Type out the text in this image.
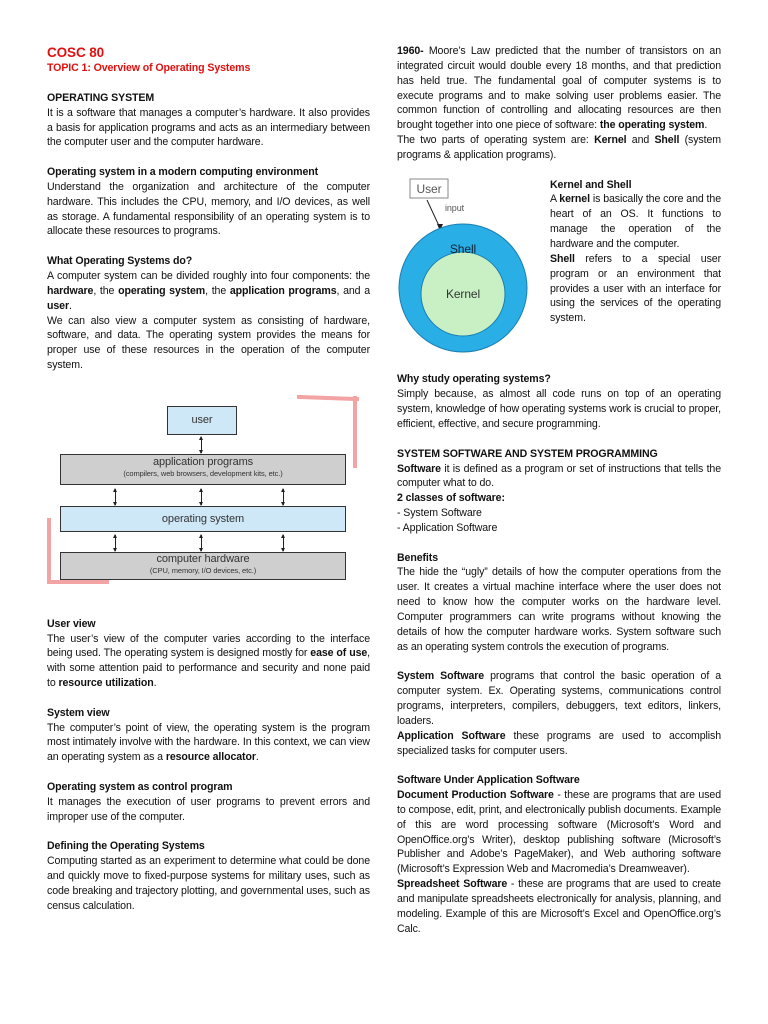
COSC 80
TOPIC 1: Overview of Operating Systems
OPERATING SYSTEM

It is a software that manages a computer’s hardware. It also provides a basis for application programs and acts as an intermediary between the computer user and the computer hardware.

Operating system in a modern computing environment

Understand the organization and architecture of the computer hardware. This includes the CPU, memory, and I/O devices, as well as storage. A fundamental responsibility of an operating system is to allocate these resources to programs.

What Operating Systems do?

A computer system can be divided roughly into four components: the hardware, the operating system, the application programs, and a user.

We can also view a computer system as consisting of hardware, software, and data. The operating system provides the means for proper use of these resources in the operation of the computer system.

user
application programs
(compilers, web browsers, development kits, etc.)
operating system
computer hardware
(CPU, memory, I/O devices, etc.)
User view

The user’s view of the computer varies according to the interface being used. The operating system is designed mostly for ease of use, with some attention paid to performance and security and none paid to resource utilization.

System view

The computer’s point of view, the operating system is the program most intimately involve with the hardware. In this context, we can view an operating system as a resource allocator.

Operating system as control program

It manages the execution of user programs to prevent errors and improper use of the computer.

Defining the Operating Systems

Computing started as an experiment to determine what could be done and quickly move to fixed-purpose systems for military uses, such as code breaking and trajectory plotting, and governmental uses, such as census calculation.

1960- Moore’s Law predicted that the number of transistors on an integrated circuit would double every 18 months, and that prediction has held true. The fundamental goal of computer systems is to execute programs and to make solving user problems easier. The common function of controlling and allocating resources are then brought together into one piece of software: the operating system.

The two parts of operating system are: Kernel and Shell (system programs & application programs).

User
input
Shell
Kernel
Kernel and Shell

A kernel is basically the core and the heart of an OS. It functions to manage the operation of the hardware and the computer.

Shell refers to a special user program or an environment that provides a user with an interface for using the services of the operating system.

Why study operating systems?

Simply because, as almost all code runs on top of an operating system, knowledge of how operating systems work is crucial to proper, efficient, effective, and secure programming.

SYSTEM SOFTWARE AND SYSTEM PROGRAMMING

Software it is defined as a program or set of instructions that tells the computer what to do.

2 classes of software:

- System Software

- Application Software

Benefits

The hide the “ugly” details of how the computer operations from the user. It creates a virtual machine interface where the user does not need to know how the computer works on the hardware level. Computer programmers can write programs without knowing the details of how the computer hardware works. System software such as an operating system controls the execution of programs.

System Software programs that control the basic operation of a computer system. Ex. Operating systems, communications control programs, interpreters, compilers, debuggers, text editors, linkers, loaders.

Application Software these programs are used to accomplish specialized tasks for computer users.

Software Under Application Software

Document Production Software - these are programs that are used to compose, edit, print, and electronically publish documents. Example of this are word processing software (Microsoft’s Word and OpenOffice.org’s Writer), desktop publishing software (Microsoft’s Publisher and Adobe’s PageMaker), and Web authoring software (Microsoft’s Expression Web and Macromedia’s Dreamweaver).

Spreadsheet Software - these are programs that are used to create and manipulate spreadsheets electronically for analysis, planning, and modeling. Example of this are Microsoft’s Excel and OpenOffice.org’s Calc.
